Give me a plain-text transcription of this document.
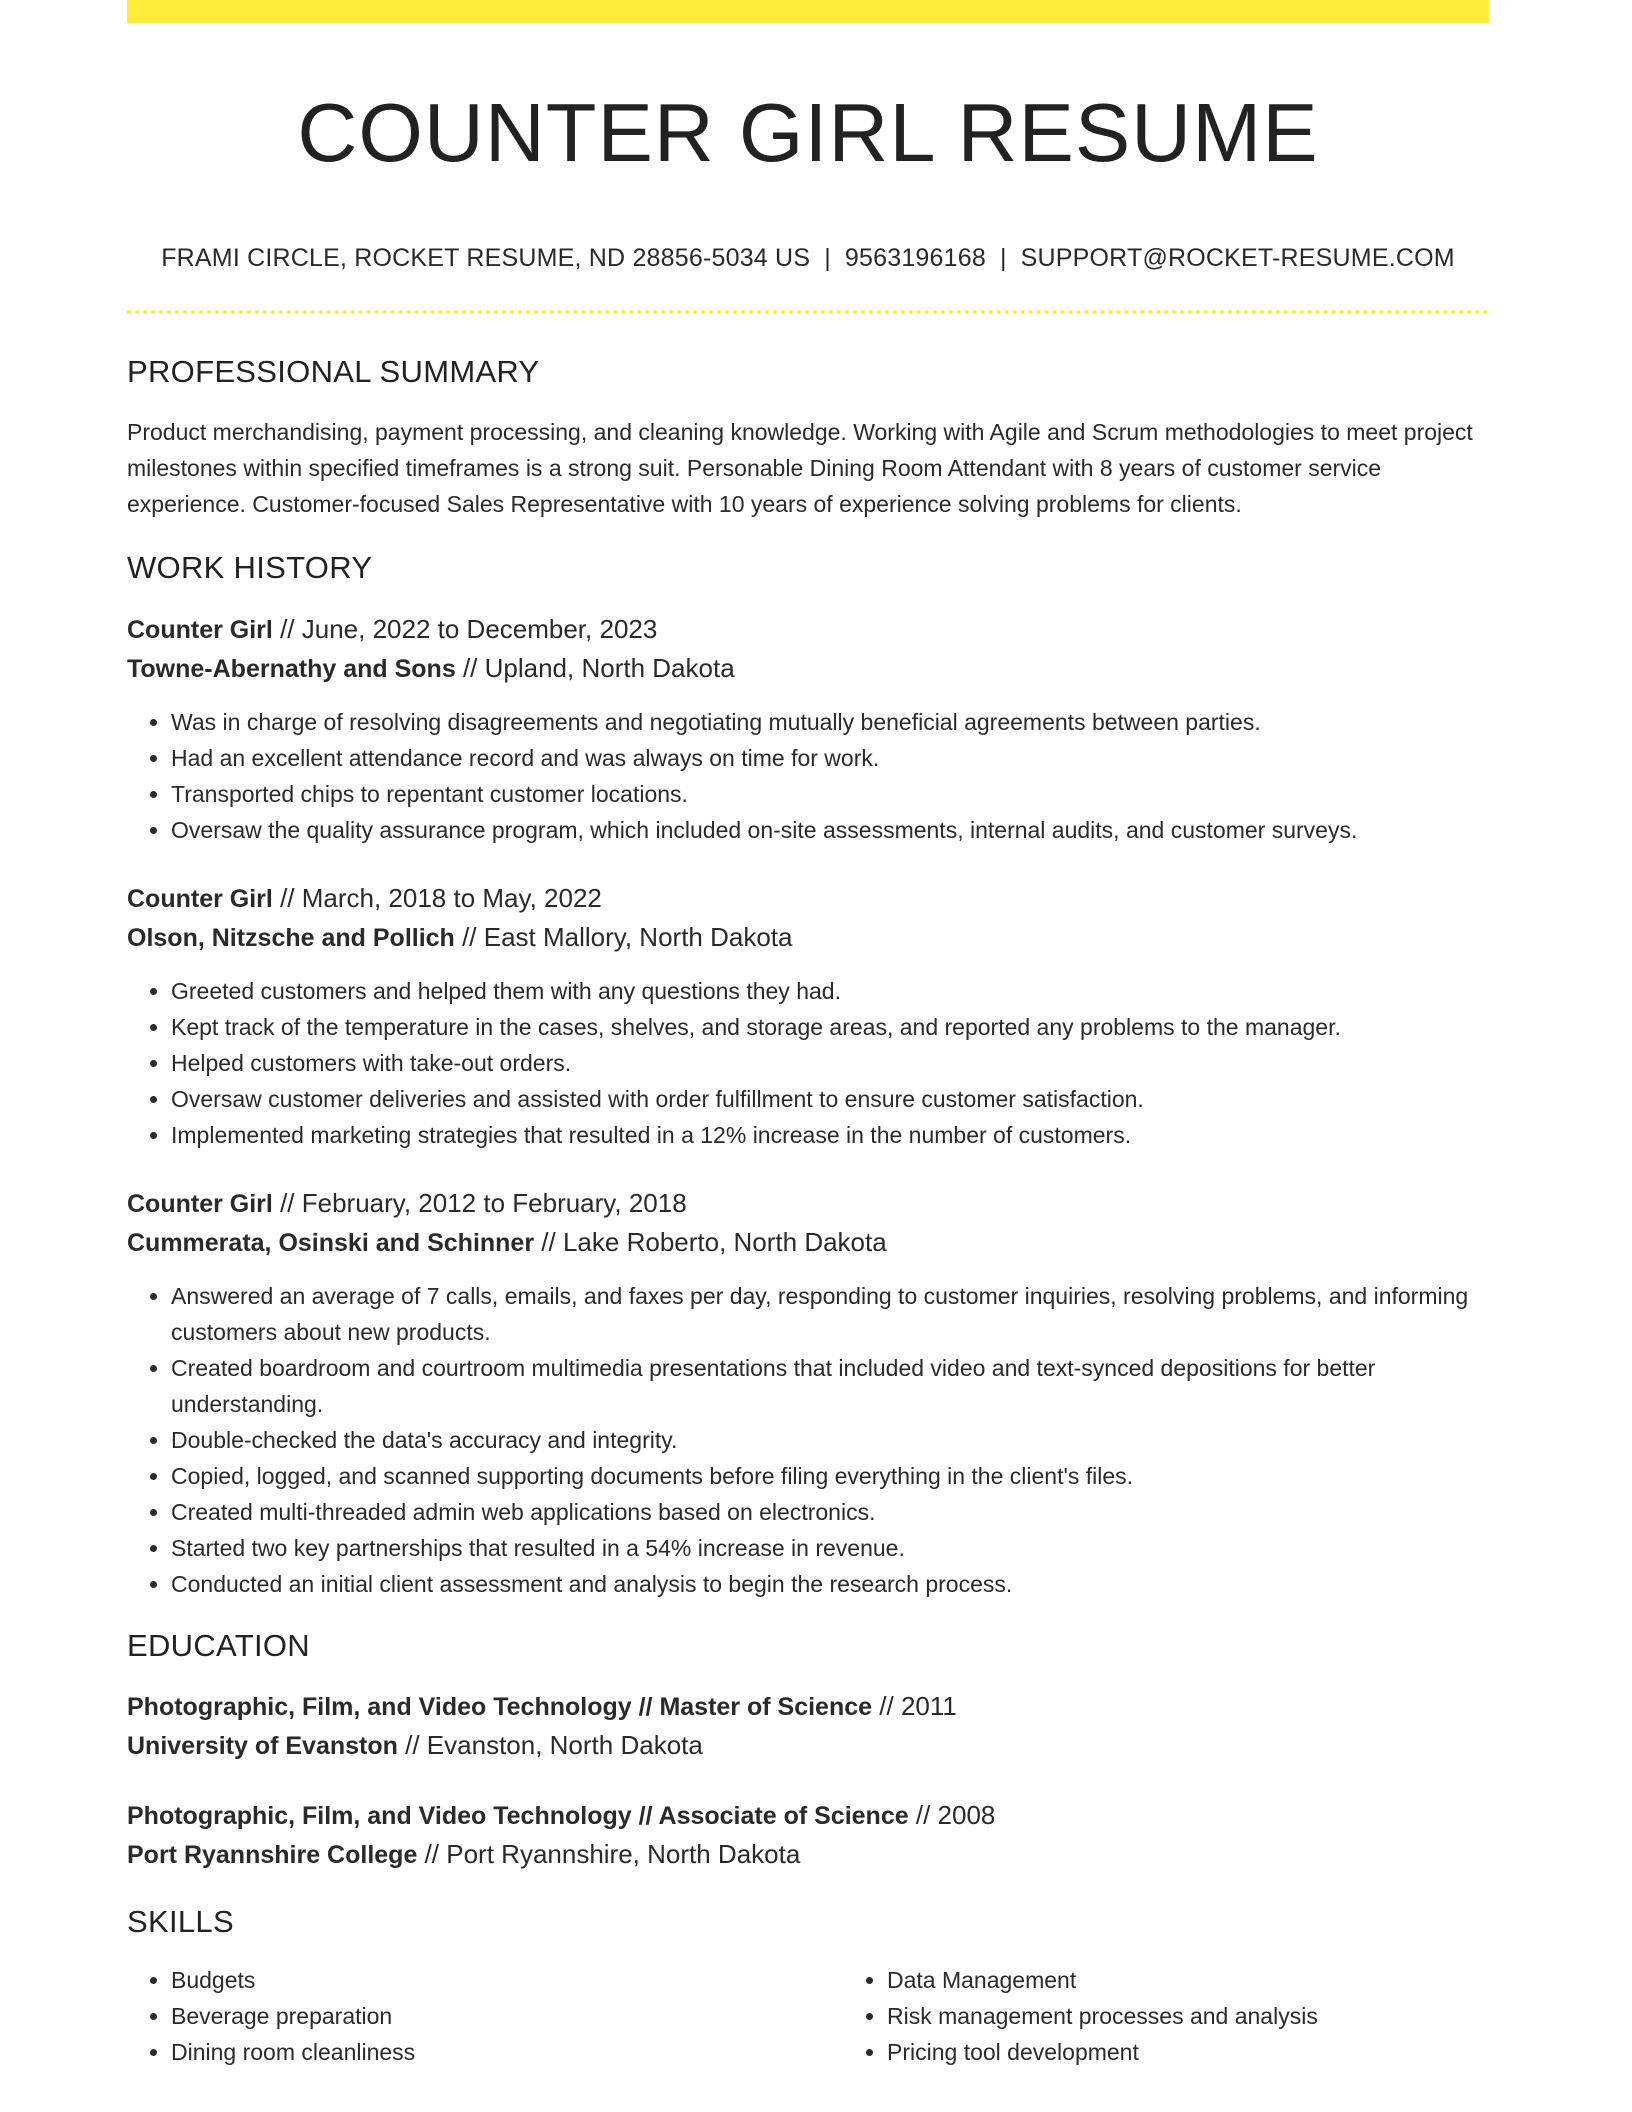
COUNTER GIRL RESUME
FRAMI CIRCLE, ROCKET RESUME, ND 28856-5034 US | 9563196168 | SUPPORT@ROCKET-RESUME.COM
PROFESSIONAL SUMMARY

Product merchandising, payment processing, and cleaning knowledge. Working with Agile and Scrum methodologies to meet project milestones within specified timeframes is a strong suit. Personable Dining Room Attendant with 8 years of customer service experience. Customer-focused Sales Representative with 10 years of experience solving problems for clients.

WORK HISTORY
Counter Girl // June, 2022 to December, 2023
Towne-Abernathy and Sons // Upland, North Dakota
• Was in charge of resolving disagreements and negotiating mutually beneficial agreements between parties.
• Had an excellent attendance record and was always on time for work.
• Transported chips to repentant customer locations.
• Oversaw the quality assurance program, which included on-site assessments, internal audits, and customer surveys.
Counter Girl // March, 2018 to May, 2022
Olson, Nitzsche and Pollich // East Mallory, North Dakota
• Greeted customers and helped them with any questions they had.
• Kept track of the temperature in the cases, shelves, and storage areas, and reported any problems to the manager.
• Helped customers with take-out orders.
• Oversaw customer deliveries and assisted with order fulfillment to ensure customer satisfaction.
• Implemented marketing strategies that resulted in a 12% increase in the number of customers.
Counter Girl // February, 2012 to February, 2018
Cummerata, Osinski and Schinner // Lake Roberto, North Dakota
• Answered an average of 7 calls, emails, and faxes per day, responding to customer inquiries, resolving problems, and informing customers about new products.
• Created boardroom and courtroom multimedia presentations that included video and text-synced depositions for better understanding.
• Double-checked the data's accuracy and integrity.
• Copied, logged, and scanned supporting documents before filing everything in the client's files.
• Created multi-threaded admin web applications based on electronics.
• Started two key partnerships that resulted in a 54% increase in revenue.
• Conducted an initial client assessment and analysis to begin the research process.
EDUCATION
Photographic, Film, and Video Technology // Master of Science // 2011
University of Evanston // Evanston, North Dakota
Photographic, Film, and Video Technology // Associate of Science // 2008
Port Ryannshire College // Port Ryannshire, North Dakota
SKILLS
• Budgets
• Beverage preparation
• Dining room cleanliness
• Data Management
• Risk management processes and analysis
• Pricing tool development
